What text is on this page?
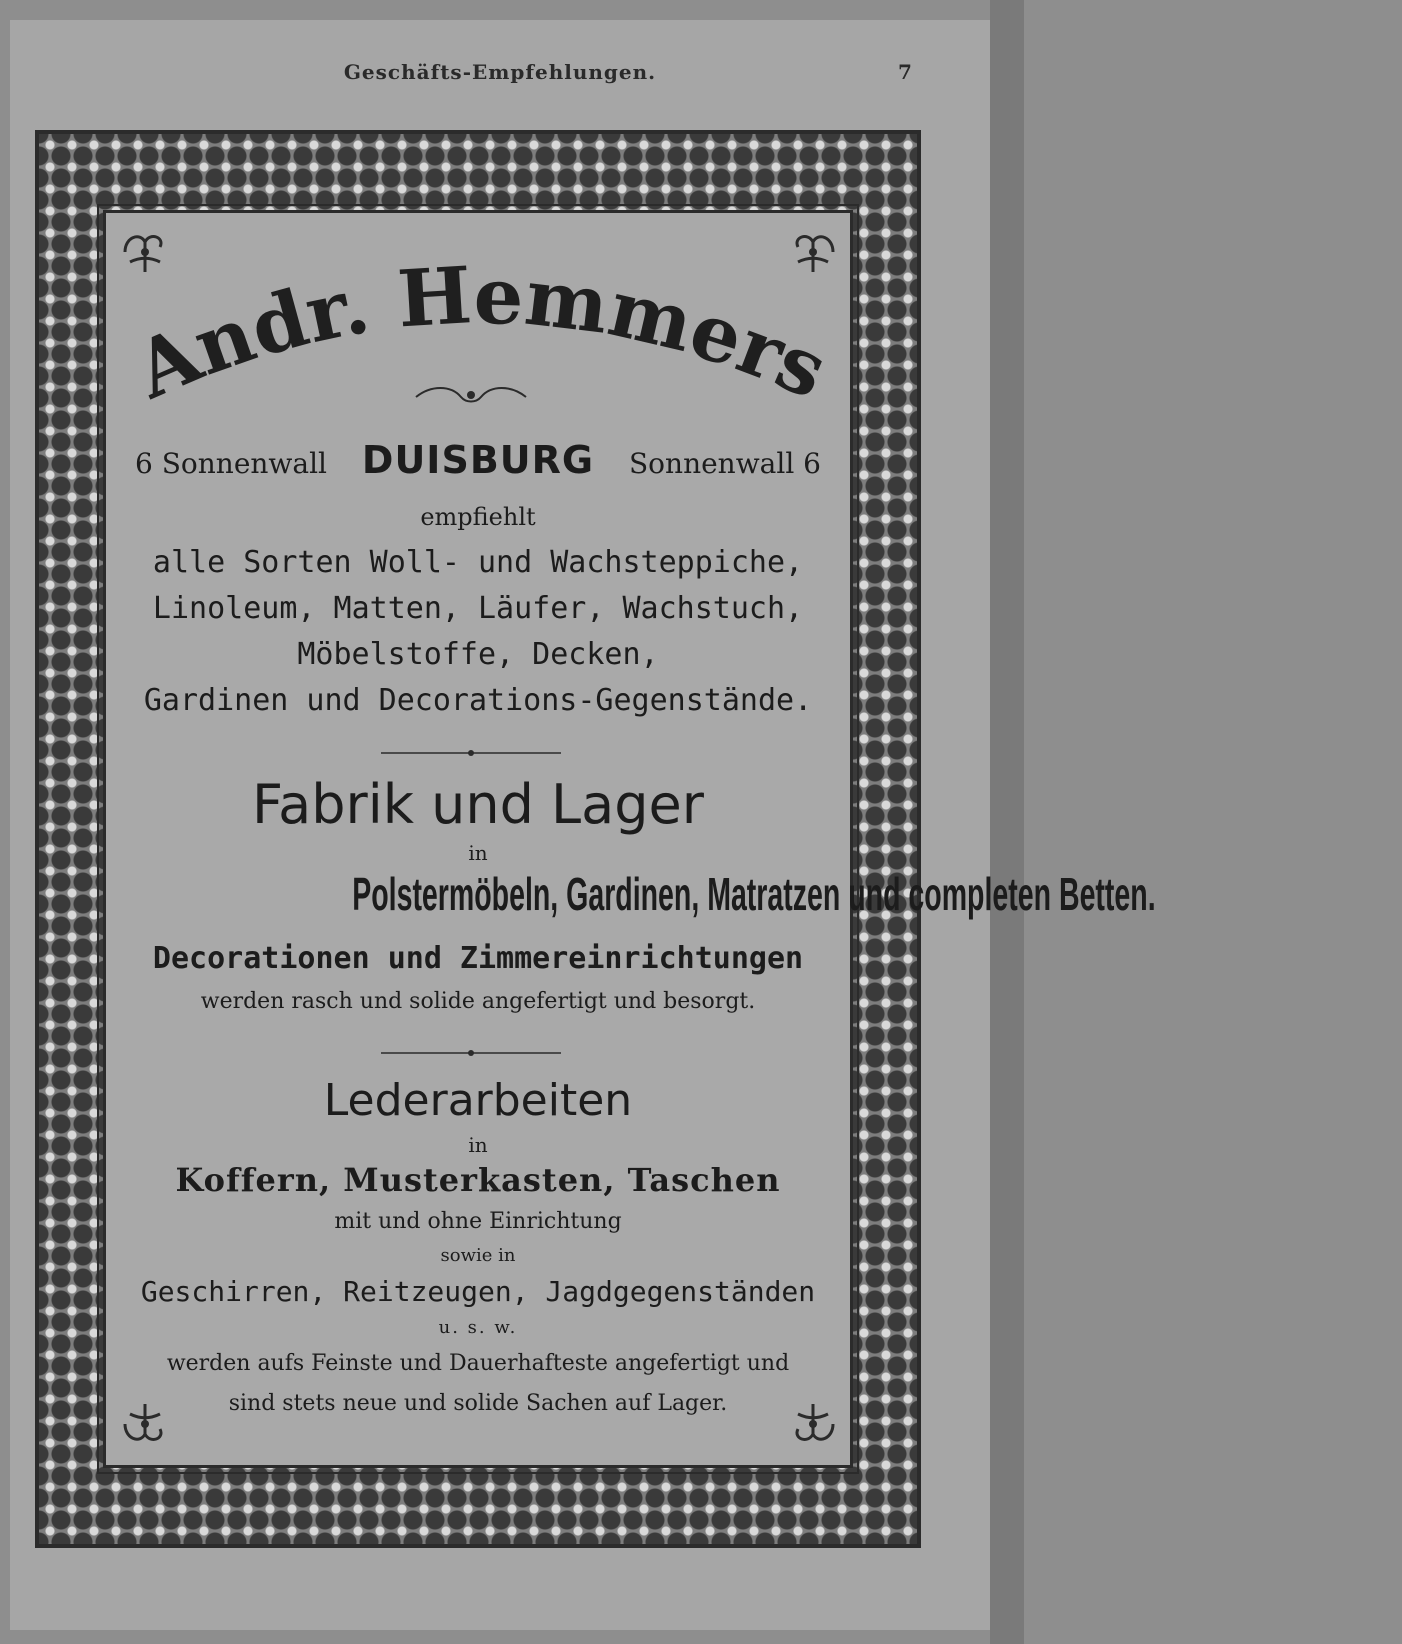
Geschäfts-Empfehlungen.	7
Andr. Hemmers
6 Sonnenwall DUISBURG Sonnenwall 6
empfiehlt
alle Sorten Woll- und Wachsteppiche,
Linoleum, Matten, Läufer, Wachstuch,
Möbelstoffe, Decken,
Gardinen und Decorations-Gegenstände.
Fabrik und Lager
in
Polstermöbeln, Gardinen, Matratzen und completen Betten.
Decorationen und Zimmereinrichtungen
werden rasch und solide angefertigt und besorgt.
Lederarbeiten
in
Koffern, Musterkasten, Taschen
mit und ohne Einrichtung
sowie in
Geschirren, Reitzeugen, Jagdgegenständen
u. s. w.
werden aufs Feinste und Dauerhafteste angefertigt und
sind stets neue und solide Sachen auf Lager.
